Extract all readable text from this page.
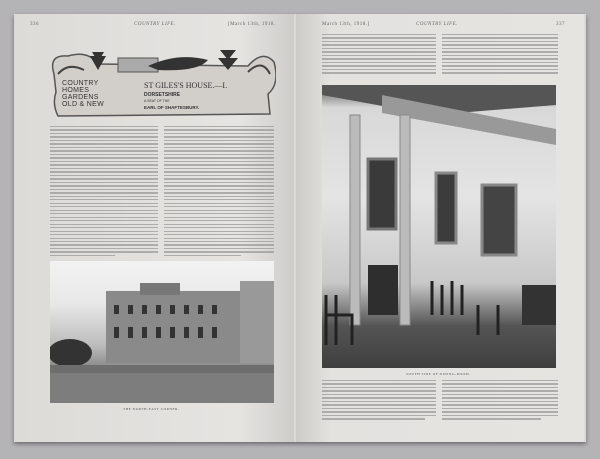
336	COUNTRY LIFE.	[March 13th, 1918.
COUNTRY
HOMES
GARDENS
OLD & NEW
ST GILES'S HOUSE.—I.
DORSETSHIRE
A SEAT OF THE
EARL OF SHAFTESBURY.
THE NORTH-EAST CORNER.
March 13th, 1918.]	COUNTRY LIFE.	337
SOUTH SIDE OF DINING-ROOM.
